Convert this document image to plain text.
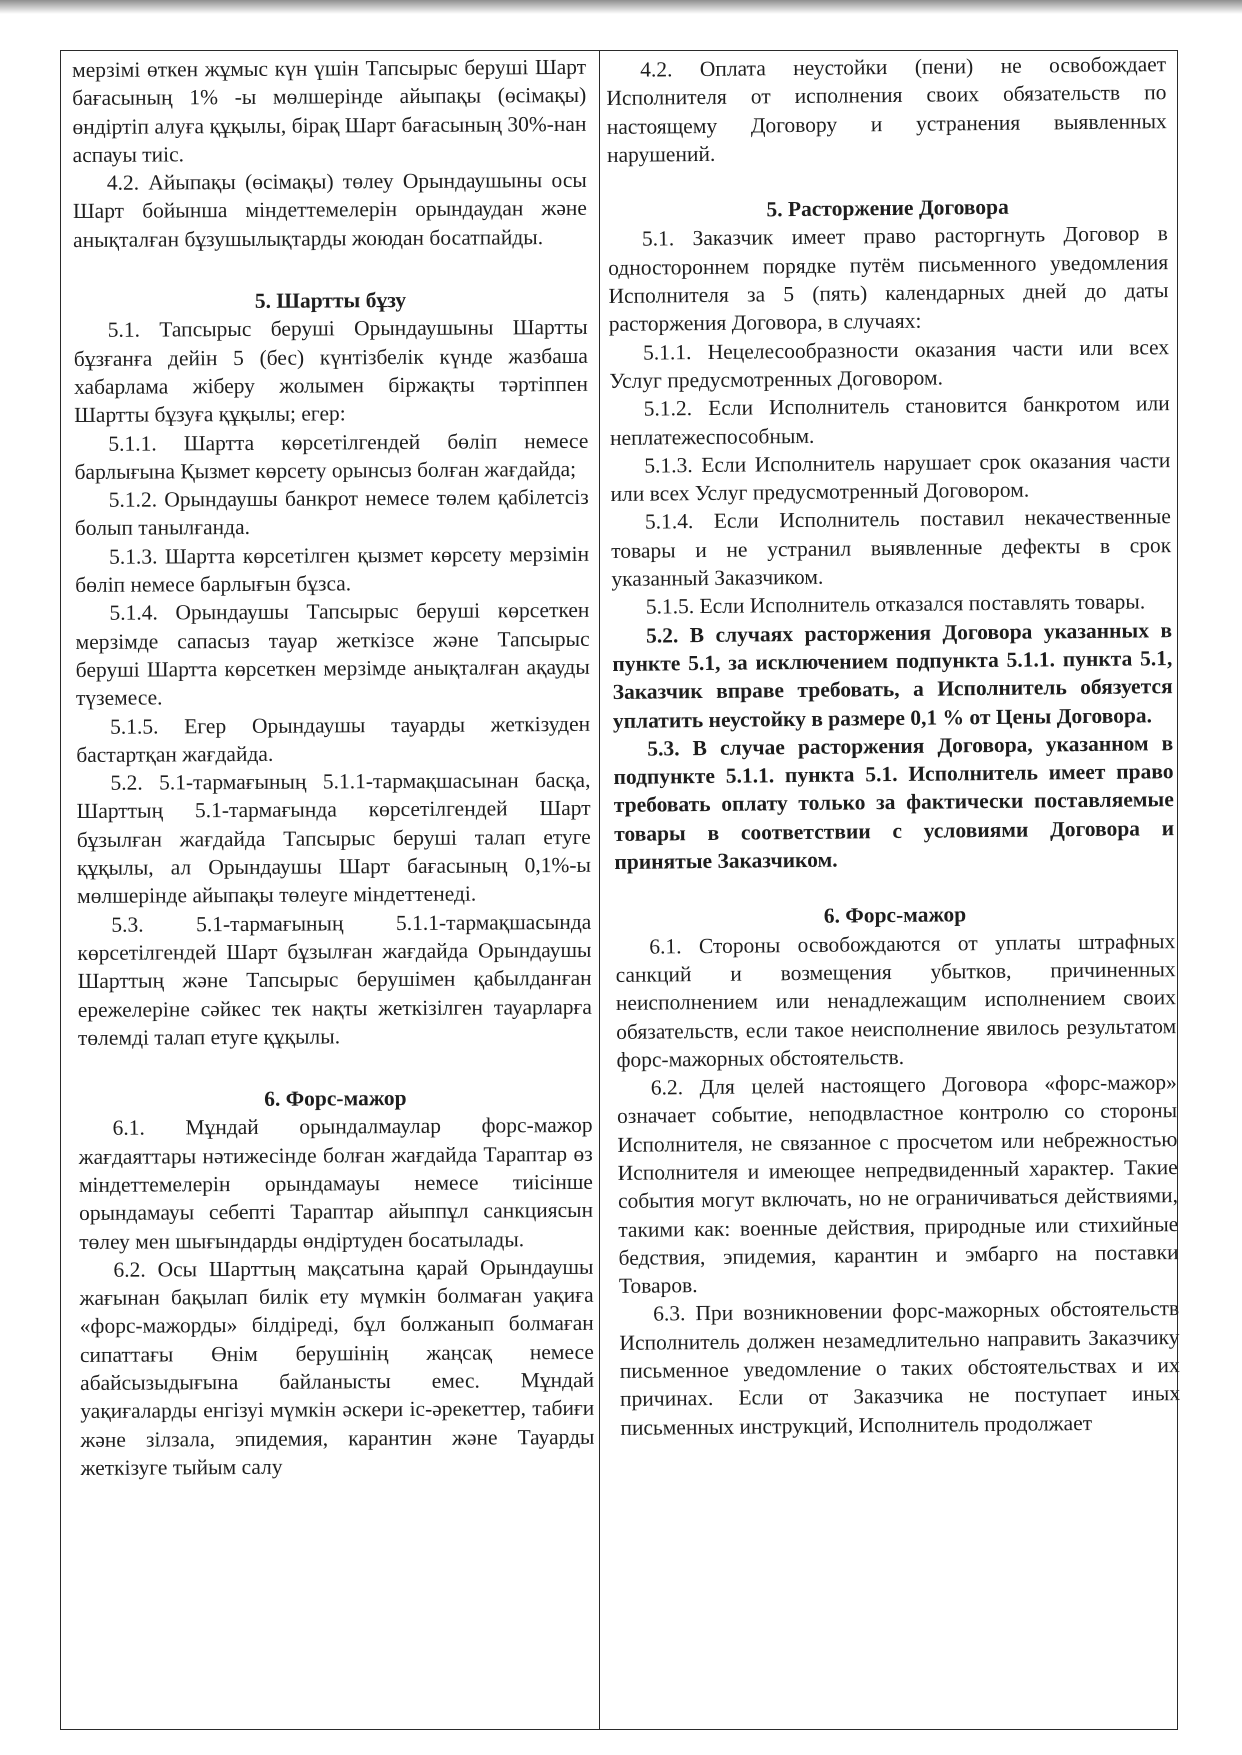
мерзімі өткен жұмыс күн үшін Тапсырыс беруші Шарт бағасының 1% -ы мөлшерінде айыпақы (өсімақы) өндіртіп алуға құқылы, бірақ Шарт бағасының 30%-нан аспауы тиіс.

4.2. Айыпақы (өсімақы) төлеу Орындаушыны осы Шарт бойынша міндеттемелерін орындаудан және анықталған бұзушылықтарды жоюдан босатпайды.

5. Шартты бұзу

5.1. Тапсырыс беруші Орындаушыны Шартты бұзғанға дейін 5 (бес) күнтізбелік күнде жазбаша хабарлама жіберу жолымен біржақты тәртіппен Шартты бұзуға құқылы; егер:

5.1.1. Шартта көрсетілгендей бөліп немесе барлығына Қызмет көрсету орынсыз болған жағдайда;

5.1.2. Орындаушы банкрот немесе төлем қабілетсіз болып танылғанда.

5.1.3. Шартта көрсетілген қызмет көрсету мерзімін бөліп немесе барлығын бұзса.

5.1.4. Орындаушы Тапсырыс беруші көрсеткен мерзімде сапасыз тауар жеткізсе және Тапсырыс беруші Шартта көрсеткен мерзімде анықталған ақауды түземесе.

5.1.5. Егер Орындаушы тауарды жеткізуден бастартқан жағдайда.

5.2. 5.1-тармағының 5.1.1-тармақшасынан басқа, Шарттың 5.1-тармағында көрсетілгендей Шарт бұзылған жағдайда Тапсырыс беруші талап етуге құқылы, ал Орындаушы Шарт бағасының 0,1%-ы мөлшерінде айыпақы төлеуге міндеттенеді.

5.3. 5.1-тармағының 5.1.1-тармақшасында көрсетілгендей Шарт бұзылған жағдайда Орындаушы Шарттың және Тапсырыс берушімен қабылданған ережелеріне сәйкес тек нақты жеткізілген тауарларға төлемді талап етуге құқылы.

6. Форс-мажор

6.1. Мұндай орындалмаулар форс-мажор жағдаяттары нәтижесінде болған жағдайда Тараптар өз міндеттемелерін орындамауы немесе тиісінше орындамауы себепті Тараптар айыппұл санкциясын төлеу мен шығындарды өндіртуден босатылады.

6.2. Осы Шарттың мақсатына қарай Орындаушы жағынан бақылап билік ету мүмкін болмаған уақиға «форс-мажорды» білдіреді, бұл болжанып болмаған сипаттағы Өнім берушінің жаңсақ немесе абайсызыдығына байланысты емес. Мұндай уақиғаларды енгізуі мүмкін әскери іс-әрекеттер, табиғи және зілзала, эпидемия, карантин және Тауарды жеткізуге тыйым салу

4.2. Оплата неустойки (пени) не освобождает Исполнителя от исполнения своих обязательств по настоящему Договору и устранения выявленных нарушений.

5. Расторжение Договора

5.1. Заказчик имеет право расторгнуть Договор в одностороннем порядке путём письменного уведомления Исполнителя за 5 (пять) календарных дней до даты расторжения Договора, в случаях:

5.1.1. Нецелесообразности оказания части или всех Услуг предусмотренных Договором.

5.1.2. Если Исполнитель становится банкротом или неплатежеспособным.

5.1.3. Если Исполнитель нарушает срок оказания части или всех Услуг предусмотренный Договором.

5.1.4. Если Исполнитель поставил некачественные товары и не устранил выявленные дефекты в срок указанный Заказчиком.

5.1.5. Если Исполнитель отказался поставлять товары.

5.2. В случаях расторжения Договора указанных в пункте 5.1, за исключением подпункта 5.1.1. пункта 5.1, Заказчик вправе требовать, а Исполнитель обязуется уплатить неустойку в размере 0,1 % от Цены Договора.

5.3. В случае расторжения Договора, указанном в подпункте 5.1.1. пункта 5.1. Исполнитель имеет право требовать оплату только за фактически поставляемые товары в соответствии с условиями Договора и принятые Заказчиком.

6. Форс-мажор

6.1. Стороны освобождаются от уплаты штрафных санкций и возмещения убытков, причиненных неисполнением или ненадлежащим исполнением своих обязательств, если такое неисполнение явилось результатом форс-мажорных обстоятельств.

6.2. Для целей настоящего Договора «форс-мажор» означает событие, неподвластное контролю со стороны Исполнителя, не связанное с просчетом или небрежностью Исполнителя и имеющее непредвиденный характер. Такие события могут включать, но не ограничиваться действиями, такими как: военные действия, природные или стихийные бедствия, эпидемия, карантин и эмбарго на поставки Товаров.

6.3. При возникновении форс-мажорных обстоятельств Исполнитель должен незамедлительно направить Заказчику письменное уведомление о таких обстоятельствах и их причинах. Если от Заказчика не поступает иных письменных инструкций, Исполнитель продолжает
